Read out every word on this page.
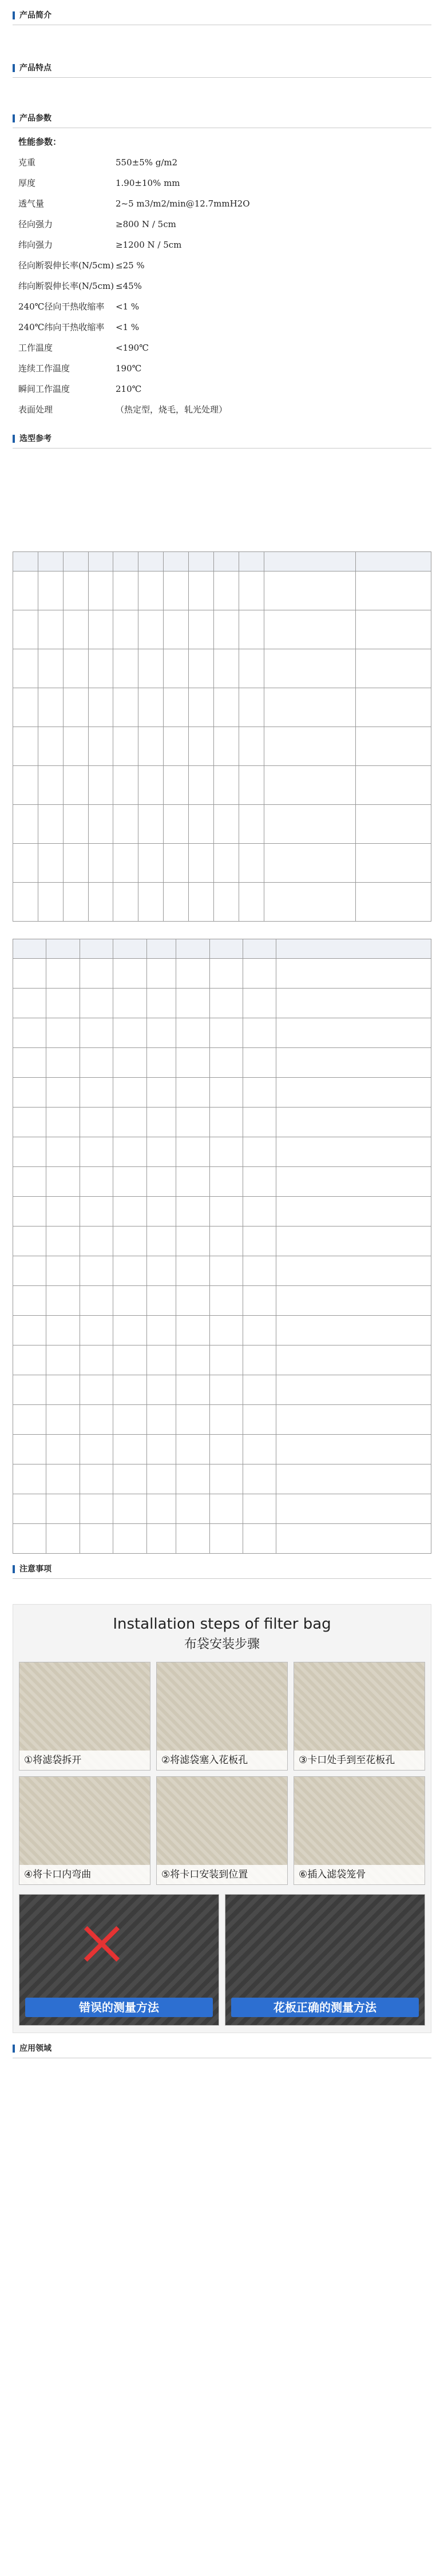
产品简介

产品特点

产品参数
性能参数：
克重	550±5% g/m2
厚度	1.90±10% mm
透气量	2~5 m3/m2/min@12.7mmH2O
径向强力	≥800 N / 5cm
纬向强力	≥1200 N / 5cm
径向断裂伸长率(N/5cm) ≤25 %
纬向断裂伸长率(N/5cm) ≤45%
240℃径向干热收缩率	<1 %
240℃纬向干热收缩率	<1 %
工作温度	<190℃
连续工作温度	190℃
瞬间工作温度	210℃
表面处理	（热定型，烧毛，轧光处理）
选型参考

注意事项
Installation steps of filter bag
布袋安装步骤
①将滤袋拆开	②将滤袋塞入花板孔	③卡口处手到至花板孔
④将卡口内弯曲	⑤将卡口安装到位置	⑥插入滤袋笼骨
错误的测量方法	花板正确的测量方法
应用领域
